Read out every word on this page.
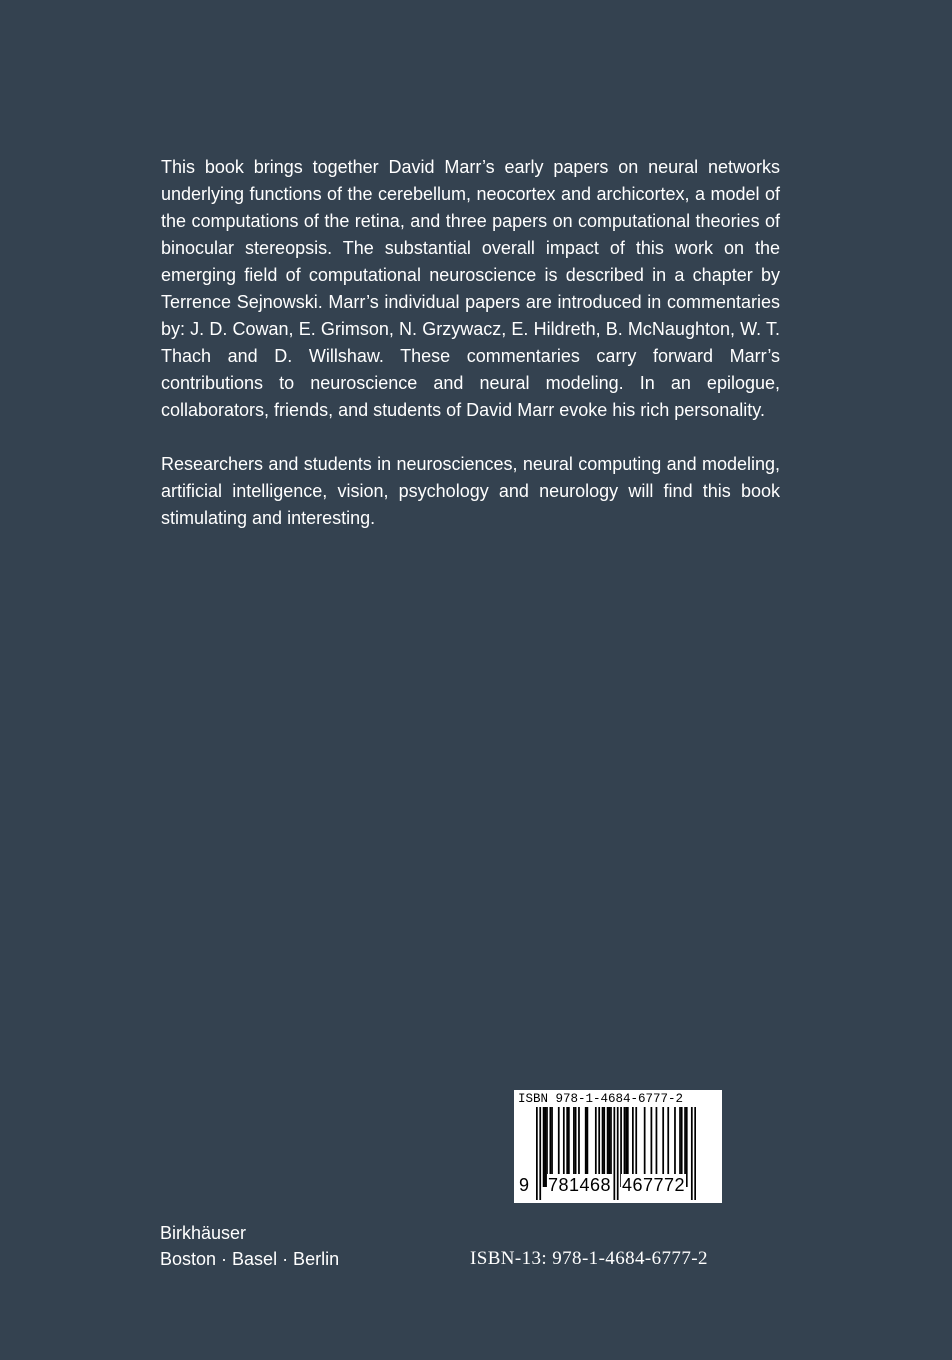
This book brings together David Marr’s early papers on neural networks underlying functions of the cerebellum, neocortex and archicortex, a model of the computations of the retina, and three papers on computational theories of binocular stereopsis. The substantial overall impact of this work on the emerging field of computational neuroscience is described in a chapter by Terrence Sejnowski. Marr’s individual papers are introduced in commentaries by: J. D. Cowan, E. Grimson, N. Grzywacz, E. Hildreth, B. McNaughton, W. T. Thach and D. Willshaw. These commentaries carry forward Marr’s contributions to neuroscience and neural modeling. In an epilogue, collaborators, friends, and students of David Marr evoke his rich personality.

Researchers and students in neurosciences, neural computing and modeling, artificial intelligence, vision, psychology and neurology will find this book stimulating and interesting.

ISBN 978-1-4684-6777-2
9 781468 467772
Birkhäuser
Boston · Basel · Berlin	ISBN-13: 978-1-4684-6777-2
